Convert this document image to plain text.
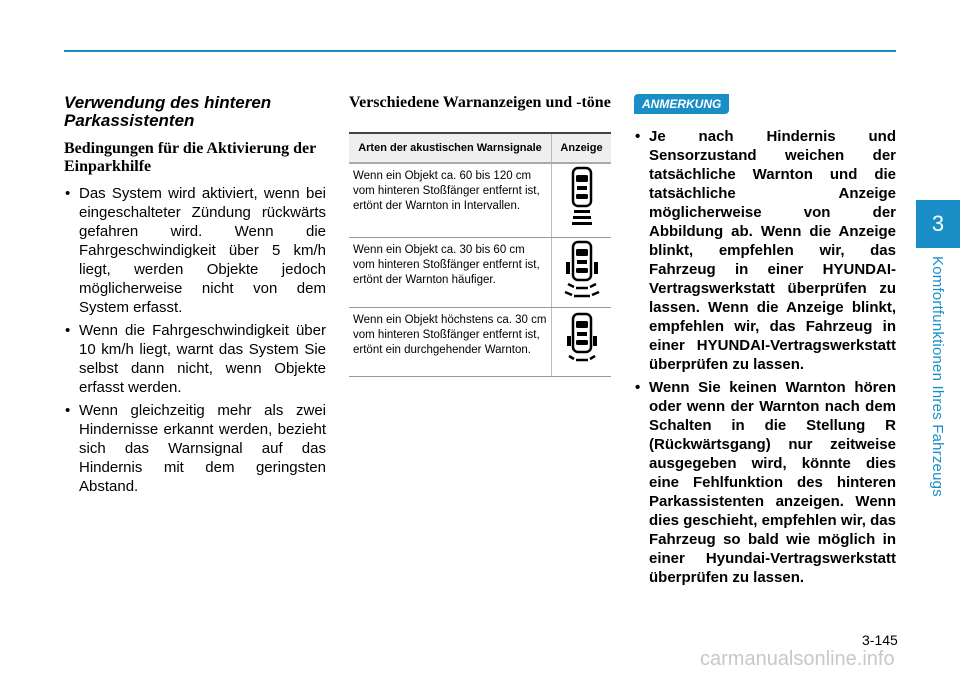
3
Komfortfunktionen Ihres Fahrzeugs

Verwendung des hinteren Parkassistenten

Bedingungen für die Aktivierung der Einparkhilfe

• Das System wird aktiviert, wenn bei eingeschalteter Zündung rückwärts gefahren wird. Wenn die Fahrgeschwindigkeit über 5 km/h liegt, werden Objekte jedoch möglicherweise nicht von dem System erfasst.
• Wenn die Fahrgeschwindigkeit über 10 km/h liegt, warnt das System Sie selbst dann nicht, wenn Objekte erfasst werden.
• Wenn gleichzeitig mehr als zwei Hindernisse erkannt werden, bezieht sich das Warnsignal auf das Hindernis mit dem geringsten Abstand.

Verschiedene Warnanzeigen und -töne

Arten der akustischen Warnsignale	Anzeige
Wenn ein Objekt ca. 60 bis 120 cm vom hinteren Stoßfänger entfernt ist, ertönt der Warnton in Intervallen.	
Wenn ein Objekt ca. 30 bis 60 cm vom hinteren Stoßfänger entfernt ist, ertönt der Warnton häufiger.	
Wenn ein Objekt höchstens ca. 30 cm vom hinteren Stoßfänger entfernt ist, ertönt ein durchgehender Warnton.	
ANMERKUNG
• Je nach Hindernis und Sensorzustand weichen der tatsächliche Warnton und die tatsächliche Anzeige möglicherweise von der Abbildung ab. Wenn die Anzeige blinkt, empfehlen wir, das Fahrzeug in einer HYUNDAI-Vertragswerkstatt überprüfen zu lassen. Wenn die Anzeige blinkt, empfehlen wir, das Fahrzeug in einer HYUNDAI-Vertragswerkstatt überprüfen zu lassen.
• Wenn Sie keinen Warnton hören oder wenn der Warnton nach dem Schalten in die Stellung R (Rückwärtsgang) nur zeitweise ausgegeben wird, könnte dies eine Fehlfunktion des hinteren Parkassistenten anzeigen. Wenn dies geschieht, empfehlen wir, das Fahrzeug so bald wie möglich in einer Hyundai-Vertragswerkstatt überprüfen zu lassen.
3-145
carmanualsonline.info
